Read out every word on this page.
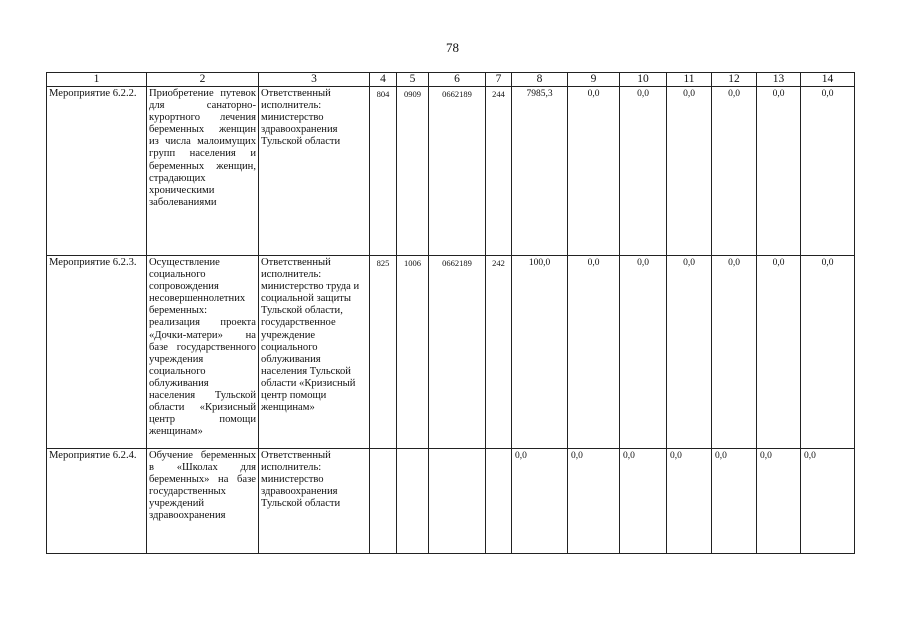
78
1	2	3	4	5	6	7	8	9	10	11	12	13	14
Мероприятие 6.2.2.	Приобретение путевок для санаторно-курортного лечения беременных женщин из числа малоимущих групп населения и беременных женщин, страдающих хроническими заболеваниями	Ответственный исполнитель: министерство здравоохранения Тульской области	804	0909	0662189	244	7985,3	0,0	0,0	0,0	0,0	0,0	0,0
Мероприятие 6.2.3.	Осуществление социального сопровождения несовершеннолетних беременных: реализация проекта «Дочки-матери» на базе государственного учреждения социального облуживания населения Тульской области «Кризисный центр помощи женщинам»	Ответственный исполнитель: министерство труда и социальной защиты Тульской области, государственное учреждение социального облуживания населения Тульской области «Кризисный центр помощи женщинам»	825	1006	0662189	242	100,0	0,0	0,0	0,0	0,0	0,0	0,0
Мероприятие 6.2.4.	Обучение беременных в «Школах для беременных» на базе государственных учреждений здравоохранения	Ответственный исполнитель: министерство здравоохранения Тульской области					0,0	0,0	0,0	0,0	0,0	0,0	0,0
